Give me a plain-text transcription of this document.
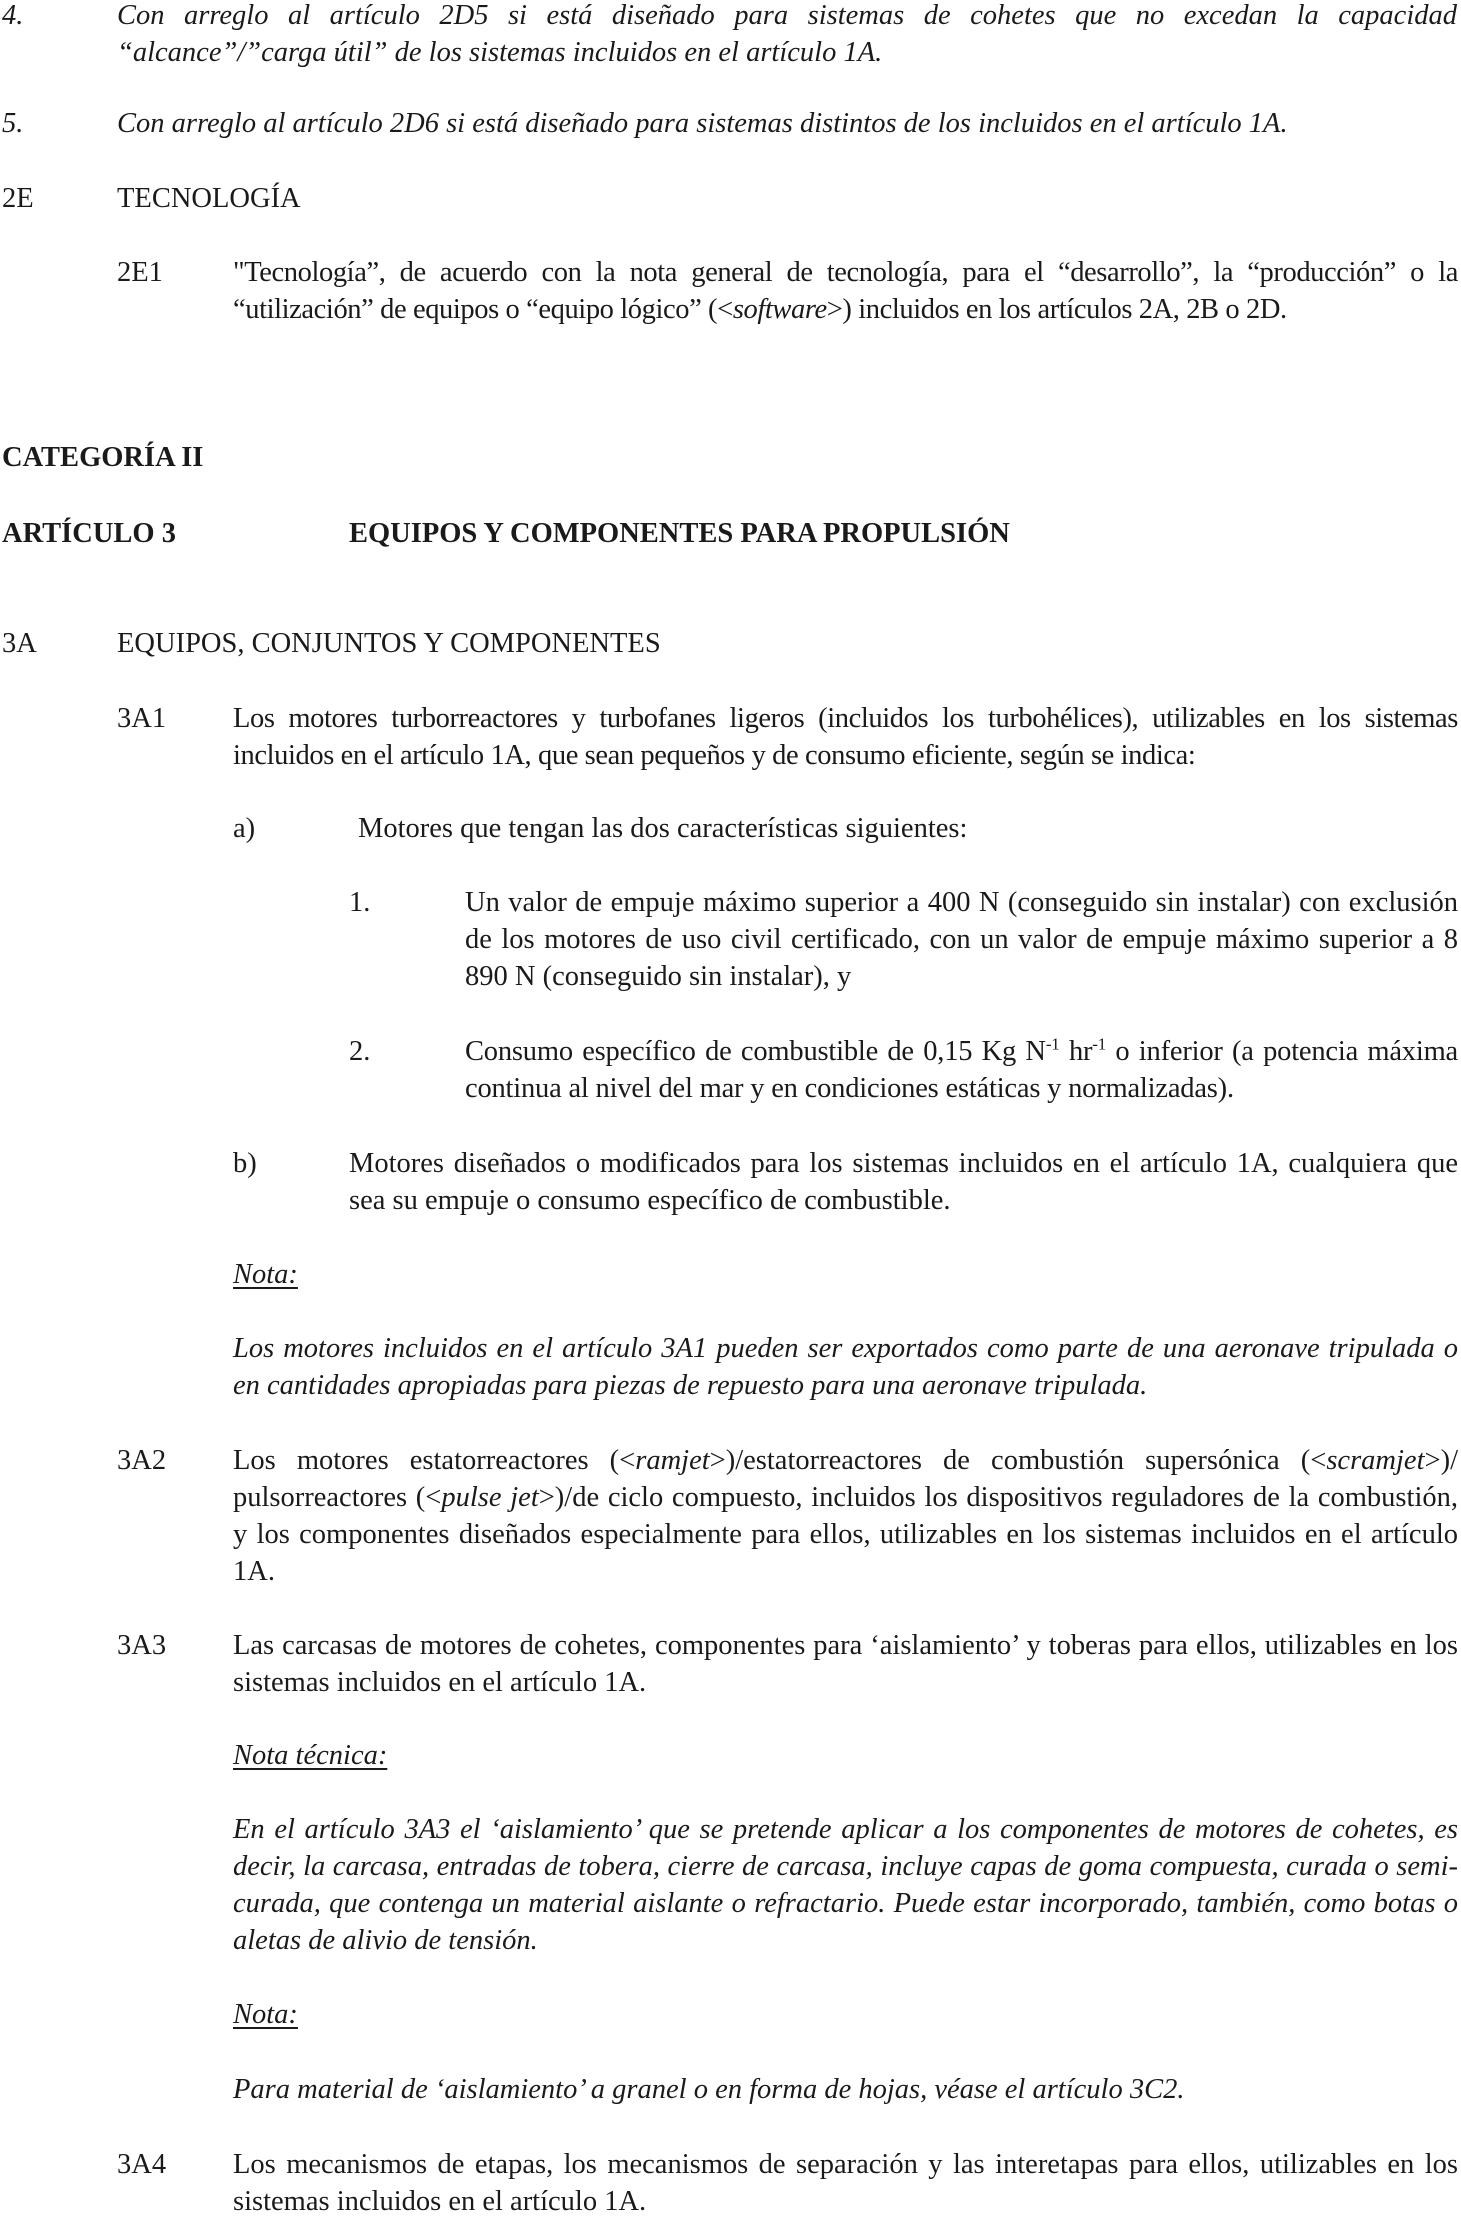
4.	Con arreglo al artículo 2D5 si está diseñado para sistemas de cohetes que no excedan la capacidad “alcance”/”carga útil” de los sistemas incluidos en el artículo 1A.
5.	Con arreglo al artículo 2D6 si está diseñado para sistemas distintos de los incluidos en el artículo 1A.
2E	TECNOLOGÍA
2E1 "Tecnología”, de acuerdo con la nota general de tecnología, para el “desarrollo”, la “producción” o la “utilización” de equipos o “equipo lógico” (<software>) incluidos en los artículos 2A, 2B o 2D.
CATEGORÍA II
ARTÍCULO 3	EQUIPOS Y COMPONENTES PARA PROPULSIÓN
3A	EQUIPOS, CONJUNTOS Y COMPONENTES
3A1 Los motores turborreactores y turbofanes ligeros (incluidos los turbohélices), utilizables en los sistemas incluidos en el artículo 1A, que sean pequeños y de consumo eficiente, según se indica:
a)	Motores que tengan las dos características siguientes:
1.	Un valor de empuje máximo superior a 400 N (conseguido sin instalar) con exclusión de los motores de uso civil certificado, con un valor de empuje máximo superior a 8 890 N (conseguido sin instalar), y
2.	Consumo específico de combustible de 0,15 Kg $N^{-1}$ $hr^{-1}$ o inferior (a potencia máxima continua al nivel del mar y en condiciones estáticas y normalizadas).
b)	Motores diseñados o modificados para los sistemas incluidos en el artículo 1A, cualquiera que sea su empuje o consumo específico de combustible.
Nota:
Los motores incluidos en el artículo 3A1 pueden ser exportados como parte de una aeronave tripulada o en cantidades apropiadas para piezas de repuesto para una aeronave tripulada.
3A2 Los motores estatorreactores (<ramjet>)/estatorreactores de combustión supersónica (<scramjet>)/ pulsorreactores (<pulse jet>)/de ciclo compuesto, incluidos los dispositivos reguladores de la combustión, y los componentes diseñados especialmente para ellos, utilizables en los sistemas incluidos en el artículo 1A.
3A3 Las carcasas de motores de cohetes, componentes para ‘aislamiento’ y toberas para ellos, utilizables en los sistemas incluidos en el artículo 1A.
Nota técnica:
En el artículo 3A3 el ‘aislamiento’ que se pretende aplicar a los componentes de motores de cohetes, es decir, la carcasa, entradas de tobera, cierre de carcasa, incluye capas de goma compuesta, curada o semi-curada, que contenga un material aislante o refractario. Puede estar incorporado, también, como botas o aletas de alivio de tensión.
Nota:
Para material de ‘aislamiento’ a granel o en forma de hojas, véase el artículo 3C2.
3A4 Los mecanismos de etapas, los mecanismos de separación y las interetapas para ellos, utilizables en los sistemas incluidos en el artículo 1A.
